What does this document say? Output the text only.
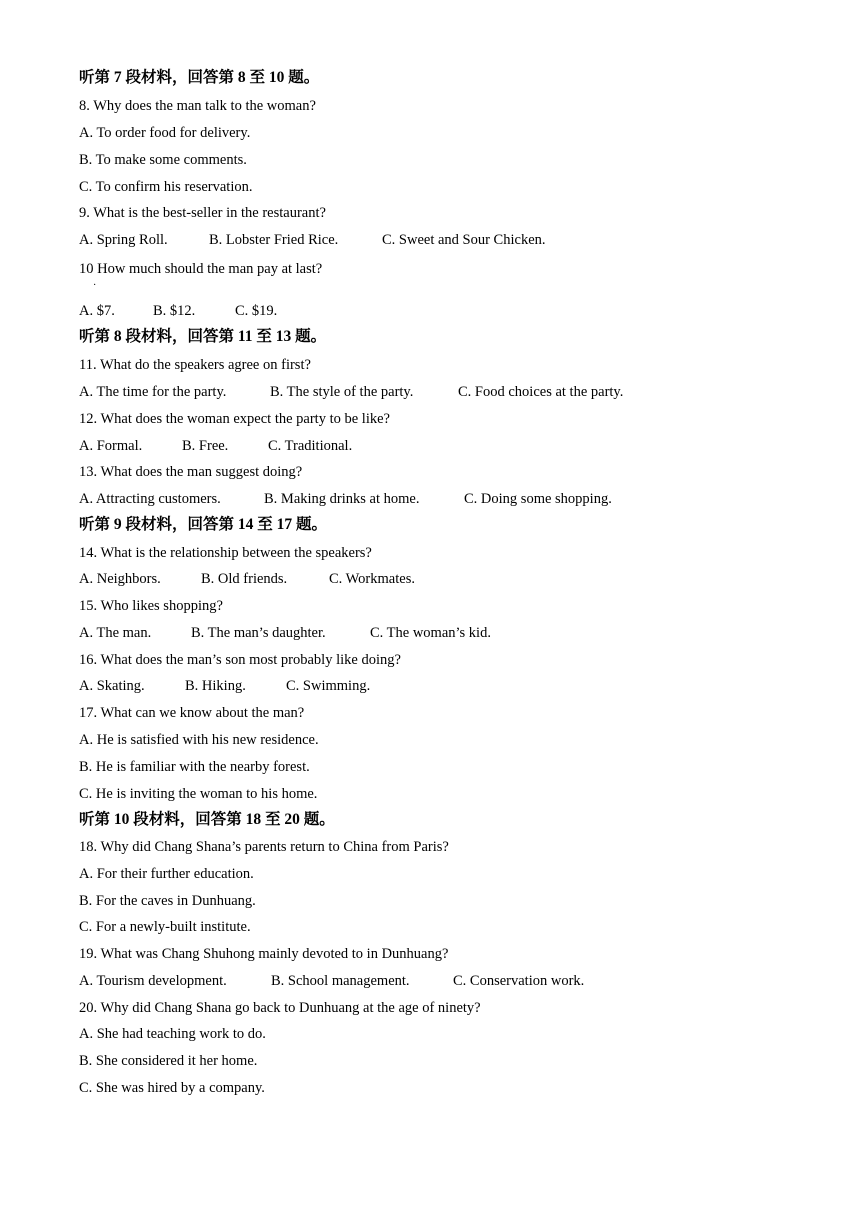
听第 7 段材料，回答第 8 至 10 题。
8. Why does the man talk to the woman?
A. To order food for delivery.
B. To make some comments.
C. To confirm his reservation.
9. What is the best-seller in the restaurant?
A. Spring Roll.	B. Lobster Fried Rice.	C. Sweet and Sour Chicken.
10 How much should the man pay at last?
·
A. $7.	B. $12.	C. $19.
听第 8 段材料，回答第 11 至 13 题。
11. What do the speakers agree on first?
A. The time for the party.	B. The style of the party.	C. Food choices at the party.
12. What does the woman expect the party to be like?
A. Formal.	B. Free.	C. Traditional.
13. What does the man suggest doing?
A. Attracting customers.	B. Making drinks at home.	C. Doing some shopping.
听第 9 段材料，回答第 14 至 17 题。
14. What is the relationship between the speakers?
A. Neighbors.	B. Old friends.	C. Workmates.
15. Who likes shopping?
A. The man.	B. The man’s daughter.	C. The woman’s kid.
16. What does the man’s son most probably like doing?
A. Skating.	B. Hiking.	C. Swimming.
17. What can we know about the man?
A. He is satisfied with his new residence.
B. He is familiar with the nearby forest.
C. He is inviting the woman to his home.
听第 10 段材料，回答第 18 至 20 题。
18. Why did Chang Shana’s parents return to China from Paris?
A. For their further education.
B. For the caves in Dunhuang.
C. For a newly-built institute.
19. What was Chang Shuhong mainly devoted to in Dunhuang?
A. Tourism development.	B. School management.	C. Conservation work.
20. Why did Chang Shana go back to Dunhuang at the age of ninety?
A. She had teaching work to do.
B. She considered it her home.
C. She was hired by a company.
